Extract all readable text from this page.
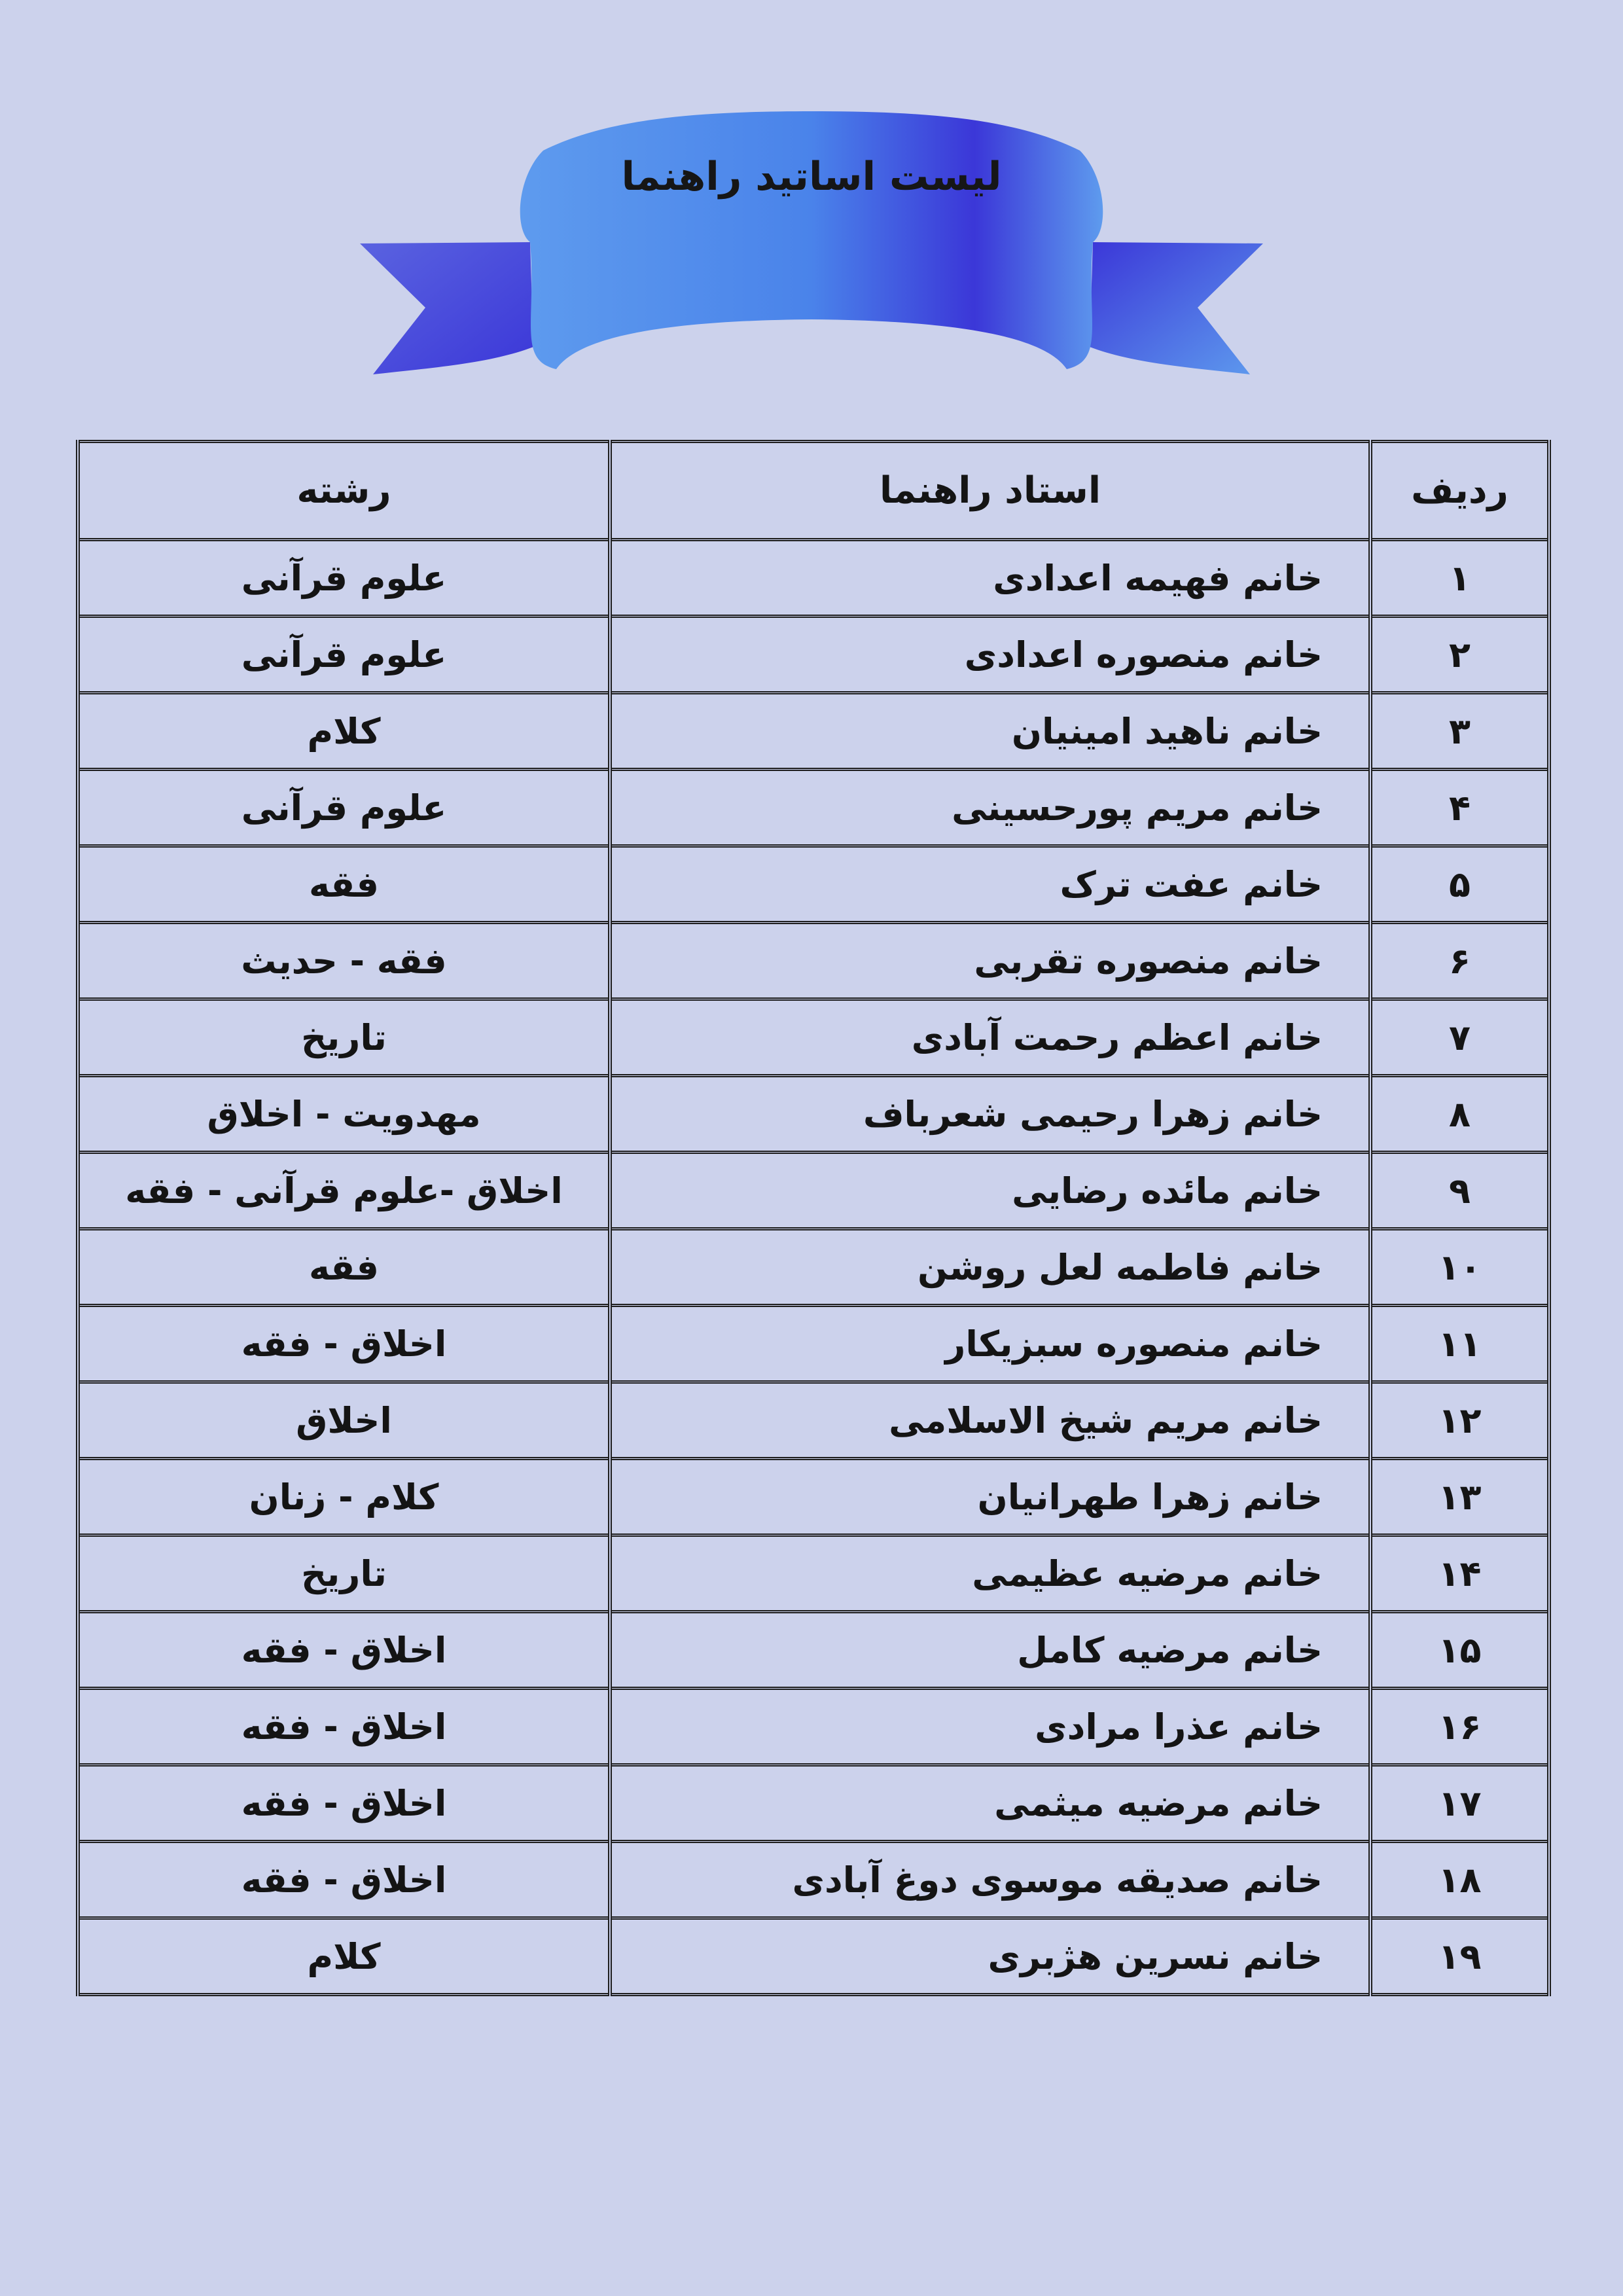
لیست اساتید راهنما
ردیف	استاد راهنما	رشته
۱	خانم فهیمه اعدادی	علوم قرآنی
۲	خانم منصوره اعدادی	علوم قرآنی
۳	خانم ناهید امینیان	کلام
۴	خانم مریم پورحسینی	علوم قرآنی
۵	خانم عفت ترک	فقه
۶	خانم منصوره تقربی	فقه - حدیث
۷	خانم اعظم رحمت آبادی	تاریخ
۸	خانم زهرا رحیمی شعرباف	مهدویت - اخلاق
۹	خانم مائده رضایی	اخلاق -علوم قرآنی - فقه
۱۰	خانم فاطمه لعل روشن	فقه
۱۱	خانم منصوره سبزیکار	اخلاق - فقه
۱۲	خانم مریم شیخ الاسلامی	اخلاق
۱۳	خانم زهرا طهرانیان	کلام - زنان
۱۴	خانم مرضیه عظیمی	تاریخ
۱۵	خانم مرضیه کامل	اخلاق - فقه
۱۶	خانم عذرا مرادی	اخلاق - فقه
۱۷	خانم مرضیه میثمی	اخلاق - فقه
۱۸	خانم صدیقه موسوی دوغ آبادی	اخلاق - فقه
۱۹	خانم نسرین هژبری	کلام
